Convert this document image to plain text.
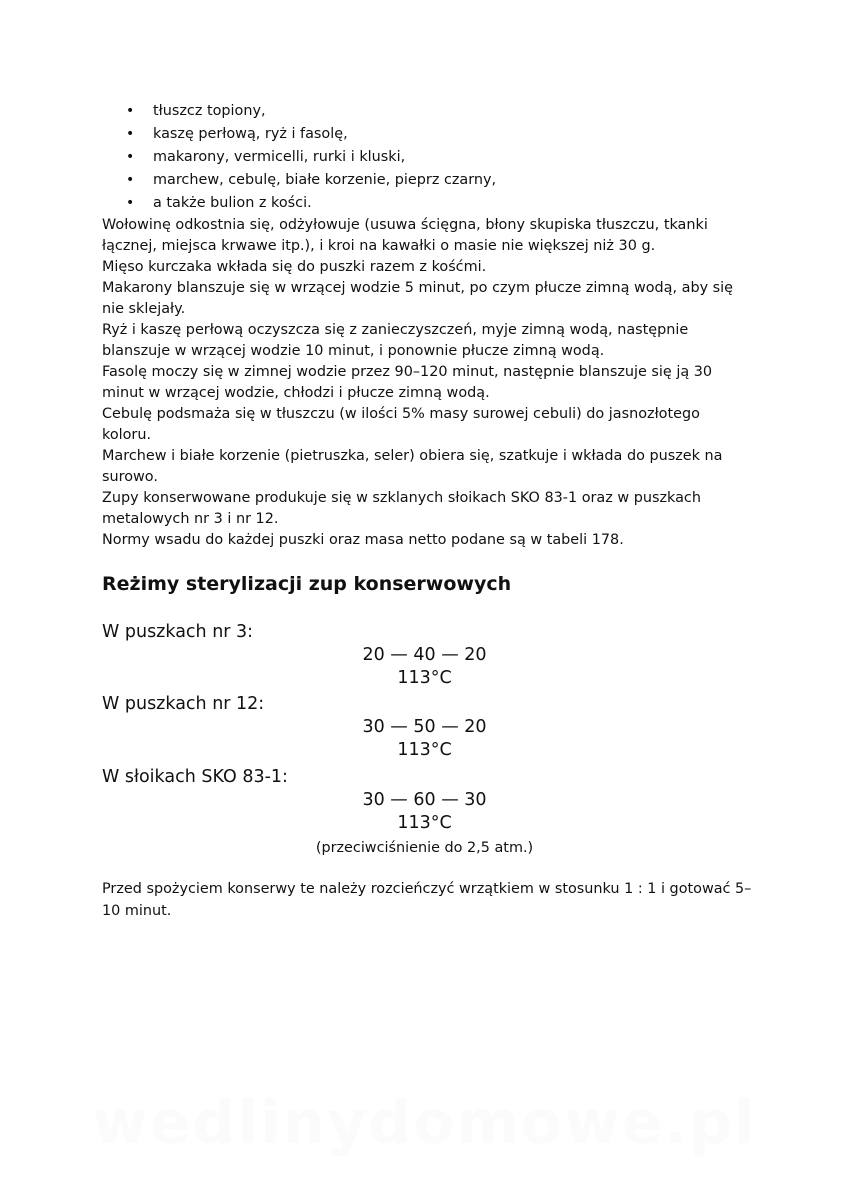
• tłuszcz topiony,
• kaszę perłową, ryż i fasolę,
• makarony, vermicelli, rurki i kluski,
• marchew, cebulę, białe korzenie, pieprz czarny,
• a także bulion z kości.

Wołowinę odkostnia się, odżyłowuje (usuwa ścięgna, błony skupiska tłuszczu, tkanki łącznej, miejsca krwawe itp.), i kroi na kawałki o masie nie większej niż 30 g.

Mięso kurczaka wkłada się do puszki razem z kośćmi.

Makarony blanszuje się w wrzącej wodzie 5 minut, po czym płucze zimną wodą, aby się nie sklejały.

Ryż i kaszę perłową oczyszcza się z zanieczyszczeń, myje zimną wodą, następnie blanszuje w wrzącej wodzie 10 minut, i ponownie płucze zimną wodą.

Fasolę moczy się w zimnej wodzie przez 90–120 minut, następnie blanszuje się ją 30 minut w wrzącej wodzie, chłodzi i płucze zimną wodą.

Cebulę podsmaża się w tłuszczu (w ilości 5% masy surowej cebuli) do jasnozłotego koloru.

Marchew i białe korzenie (pietruszka, seler) obiera się, szatkuje i wkłada do puszek na surowo.

Zupy konserwowane produkuje się w szklanych słoikach SKO 83-1 oraz w puszkach metalowych nr 3 i nr 12.

Normy wsadu do każdej puszki oraz masa netto podane są w tabeli 178.

Reżimy sterylizacji zup konserwowych
W puszkach nr 3:
20 — 40 — 20
113°C
W puszkach nr 12:
30 — 50 — 20
113°C
W słoikach SKO 83-1:
30 — 60 — 30
113°C
(przeciwciśnienie do 2,5 atm.)

Przed spożyciem konserwy te należy rozcieńczyć wrzątkiem w stosunku 1 : 1 i gotować 5–10 minut.

wedlinydomowe.pl
